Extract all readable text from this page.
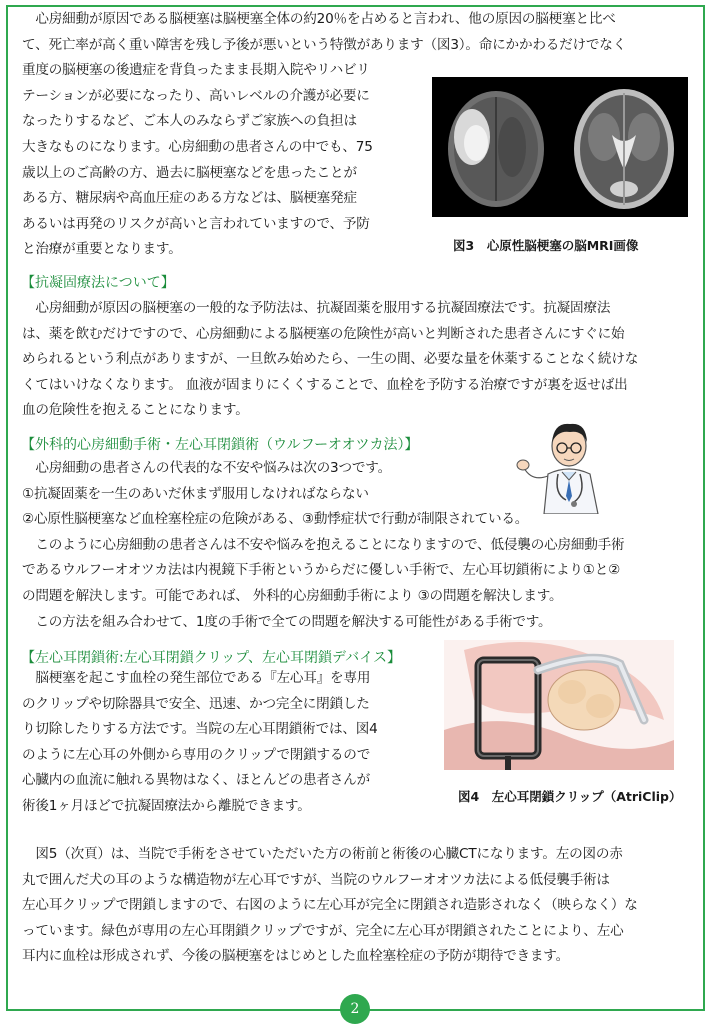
　心房細動が原因である脳梗塞は脳梗塞全体の約20％を占めると言われ、他の原因の脳梗塞と比べ
て、死亡率が高く重い障害を残し予後が悪いという特徴があります（図3）。命にかかわるだけでなく
重度の脳梗塞の後遺症を背負ったまま長期入院やリハビリ
テーションが必要になったり、高いレベルの介護が必要に
なったりするなど、ご本人のみならずご家族への負担は
大きなものになります。心房細動の患者さんの中でも、75
歳以上のご高齢の方、過去に脳梗塞などを患ったことが
ある方、糖尿病や高血圧症のある方などは、脳梗塞発症
あるいは再発のリスクが高いと言われていますので、予防
と治療が重要となります。	図3　心原性脳梗塞の脳MRI画像
【抗凝固療法について】
　心房細動が原因の脳梗塞の一般的な予防法は、抗凝固薬を服用する抗凝固療法です。抗凝固療法
は、薬を飲むだけですので、心房細動による脳梗塞の危険性が高いと判断された患者さんにすぐに始
められるという利点がありますが、一旦飲み始めたら、一生の間、必要な量を休薬することなく続けな
くてはいけなくなります。 血液が固まりにくくすることで、血栓を予防する治療ですが裏を返せば出
血の危険性を抱えることになります。
【外科的心房細動手術・左心耳閉鎖術（ウルフーオオツカ法）】
　心房細動の患者さんの代表的な不安や悩みは次の3つです。
①抗凝固薬を一生のあいだ休まず服用しなければならない
②心原性脳梗塞など血栓塞栓症の危険がある、③動悸症状で行動が制限されている。
　このように心房細動の患者さんは不安や悩みを抱えることになりますので、低侵襲の心房細動手術
であるウルフーオオツカ法は内視鏡下手術というからだに優しい手術で、左心耳切鎖術により①と②
の問題を解決します。可能であれば、 外科的心房細動手術により ③の問題を解決します。
　この方法を組み合わせて、1度の手術で全ての問題を解決する可能性がある手術です。
【左心耳閉鎖術:左心耳閉鎖クリップ、左心耳閉鎖デバイス】
　脳梗塞を起こす血栓の発生部位である『左心耳』を専用
のクリップや切除器具で安全、迅速、かつ完全に閉鎖した
り切除したりする方法です。当院の左心耳閉鎖術では、図4
のように左心耳の外側から専用のクリップで閉鎖するので
心臓内の血流に触れる異物はなく、ほとんどの患者さんが
術後1ヶ月ほどで抗凝固療法から離脱できます。
図4　左心耳閉鎖クリップ（AtriClip）
　図5（次頁）は、当院で手術をさせていただいた方の術前と術後の心臓CTになります。左の図の赤
丸で囲んだ犬の耳のような構造物が左心耳ですが、当院のウルフーオオツカ法による低侵襲手術は
左心耳クリップで閉鎖しますので、右図のように左心耳が完全に閉鎖され造影されなく（映らなく）な
っています。緑色が専用の左心耳閉鎖クリップですが、完全に左心耳が閉鎖されたことにより、左心
耳内に血栓は形成されず、今後の脳梗塞をはじめとした血栓塞栓症の予防が期待できます。
2
